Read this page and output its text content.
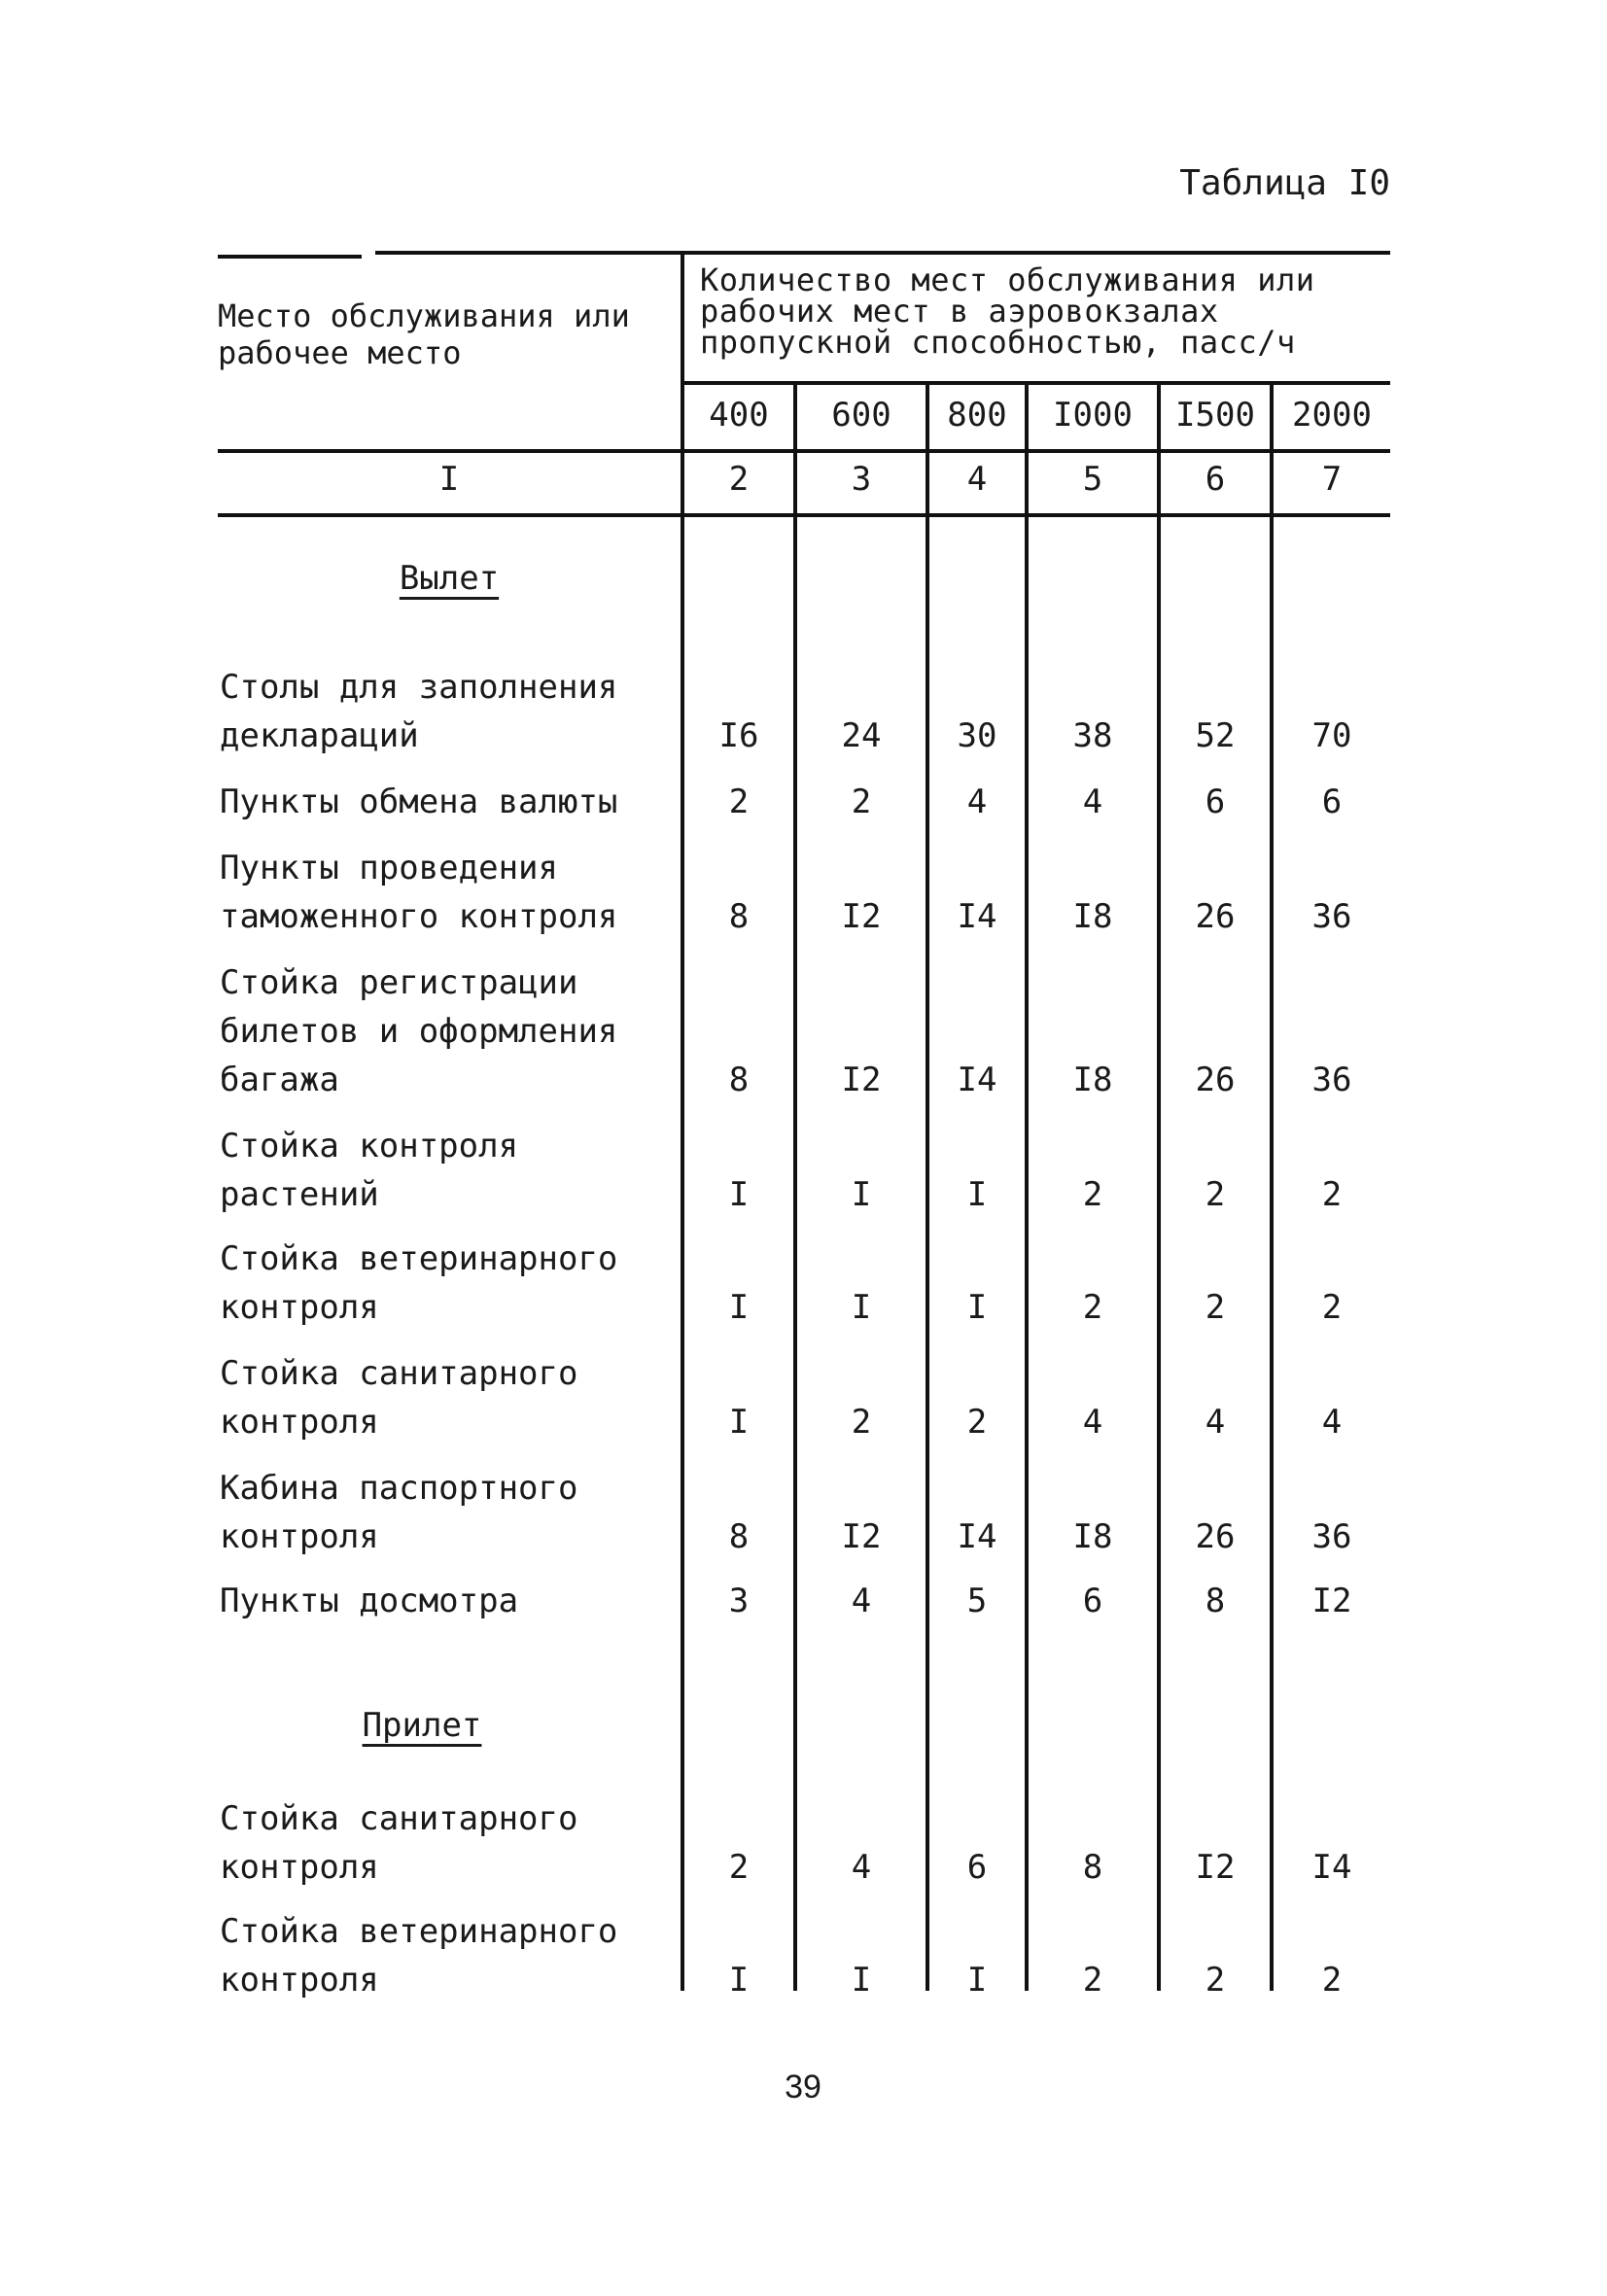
Таблица I0
Место обслуживания или рабочее место
Количество мест обслуживания или рабочих мест в аэровокзалах пропускной способностью, пасс/ч
400	600	800	I000	I500	2000
I	2	3	4	5	6	7
Вылет
Столы для заполнения деклараций	I6	24	30	38	52	70
Пункты обмена валюты	2	2	4	4	6	6
Пункты проведения таможенного контроля	8	I2	I4	I8	26	36
Стойка регистрации билетов и оформления багажа	8	I2	I4	I8	26	36
Стойка контроля растений	I	I	I	2	2	2
Стойка ветеринарного контроля	I	I	I	2	2	2
Стойка санитарного контроля	I	2	2	4	4	4
Кабина паспортного контроля	8	I2	I4	I8	26	36
Пункты досмотра	3	4	5	6	8	I2
Прилет
Стойка санитарного контроля	2	4	6	8	I2	I4
Стойка ветеринарного контроля	I	I	I	2	2	2
39
